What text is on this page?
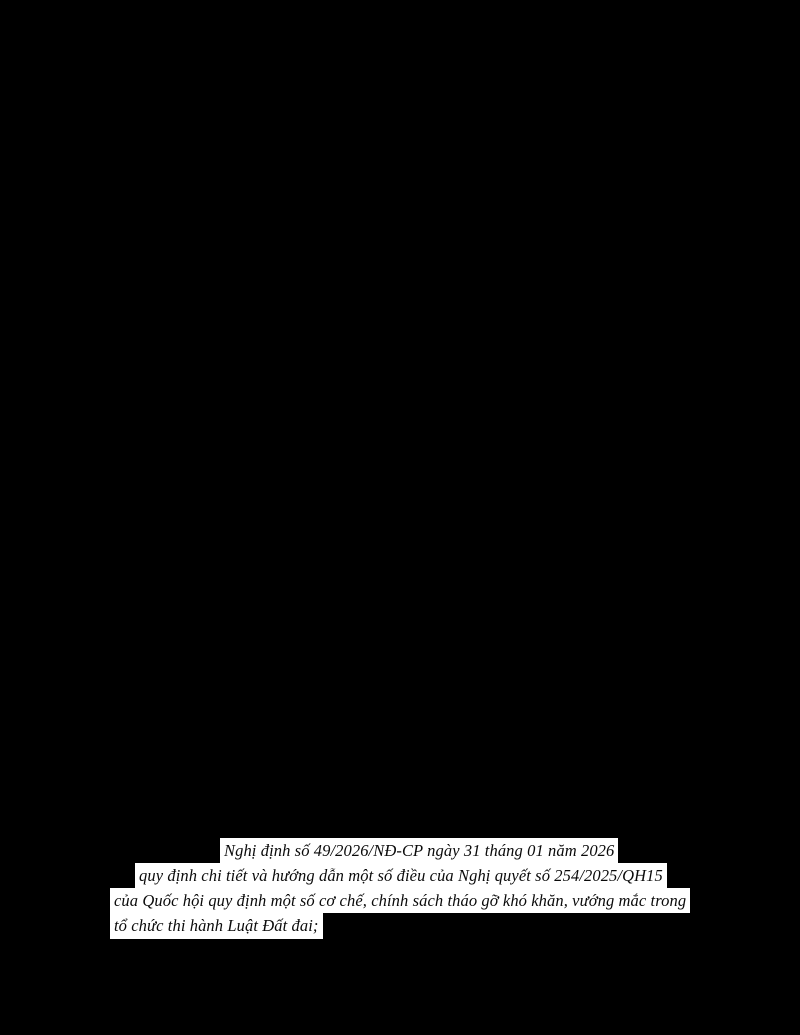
Nghị định số 49/2026/NĐ-CP ngày 31 tháng 01 năm 2026
quy định chi tiết và hướng dẫn một số điều của Nghị quyết số 254/2025/QH15
của Quốc hội quy định một số cơ chế, chính sách tháo gỡ khó khăn, vướng mắc trong
tổ chức thi hành Luật Đất đai;
